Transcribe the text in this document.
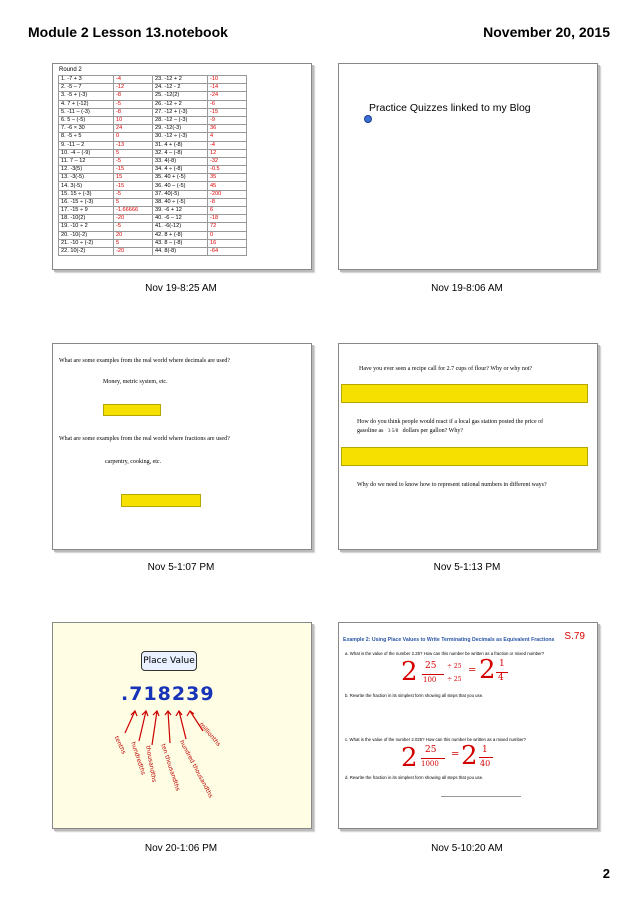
Module 2 Lesson 13.notebook	November 20, 2015
Round 2
1. -7 + 3	-4	23. -12 + 2	-10
2. -5 – 7	-12	24. -12 - 2	-14
3. -5 + (-3)	-8	25. -12(2)	-24
4. 7 + (-12)	-5	26. -12 ÷ 2	-6
5. -11 – (-3)	-8	27. -12 + (-3)	-15
6. 5 – (-5)	10	28. -12 – (-3)	-9
7. -6 × 30	24	29. -12(-3)	36
8. -5 ÷ 5	0	30. -12 ÷ (-3)	4
9. -11 – 2	-13	31. 4 + (-8)	-4
10. -4 – (-9)	5	32. 4 – (-8)	12
11. 7 – 12	-5	33. 4(-8)	-32
12. -3(5)	-15	34. 4 ÷ (-8)	-0.5
13. -3(-5)	15	35. 40 + (-5)	35
14. 3(-5)	-15	36. 40 – (-5)	45
15. 15 ÷ (-3)	-5	37. 40(-5)	-200
16. -15 ÷ (-3)	5	38. 40 ÷ (-5)	-8
17. -15 ÷ 9	-1.66666	39. -6 + 12	6
18. -10(2)	-20	40. -6 – 12	-18
19. -10 ÷ 2	-5	41. -6(-12)	72
20. -10(-2)	20	42. 8 + (-8)	0
21. -10 ÷ (-2)	5	43. 8 – (-8)	16
22. 10(-2)	-20	44. 8(-8)	-64
Nov 19-8:25 AM
Practice Quizzes linked to my Blog
Nov 19-8:06 AM
What are some examples from the real world where decimals are used?
Money, metric system, etc.
What are some examples from the real world where fractions are used?
carpentry, cooking, etc.
Nov 5-1:07 PM
Have you ever seen a recipe call for 2.7 cups of flour? Why or why not?
How do you think people would react if a local gas station posted the price of
gasoline as 3 5/8 dollars per gallon? Why?
Why do we need to know how to represent rational numbers in different ways?
Nov 5-1:13 PM
Place Value
.718239
tenths hundredths
thousandths ten thousandths
hundred thousandths
millionths
Nov 20-1:06 PM
Example 2: Using Place Values to Write Terminating Decimals as Equivalent Fractions S.79
a. What is the value of the number 2.25? How can this number be written as a fraction or mixed number?
2 25
100
÷ 25
÷ 25
= 2 1
4
b. Rewrite the fraction in its simplest form showing all steps that you use.
c. What is the value of the number 2.025? How can this number be written as a mixed number?
2 25
1000
= 2 1
40
d. Rewrite the fraction in its simplest form showing all steps that you use.
Nov 5-10:20 AM
2
